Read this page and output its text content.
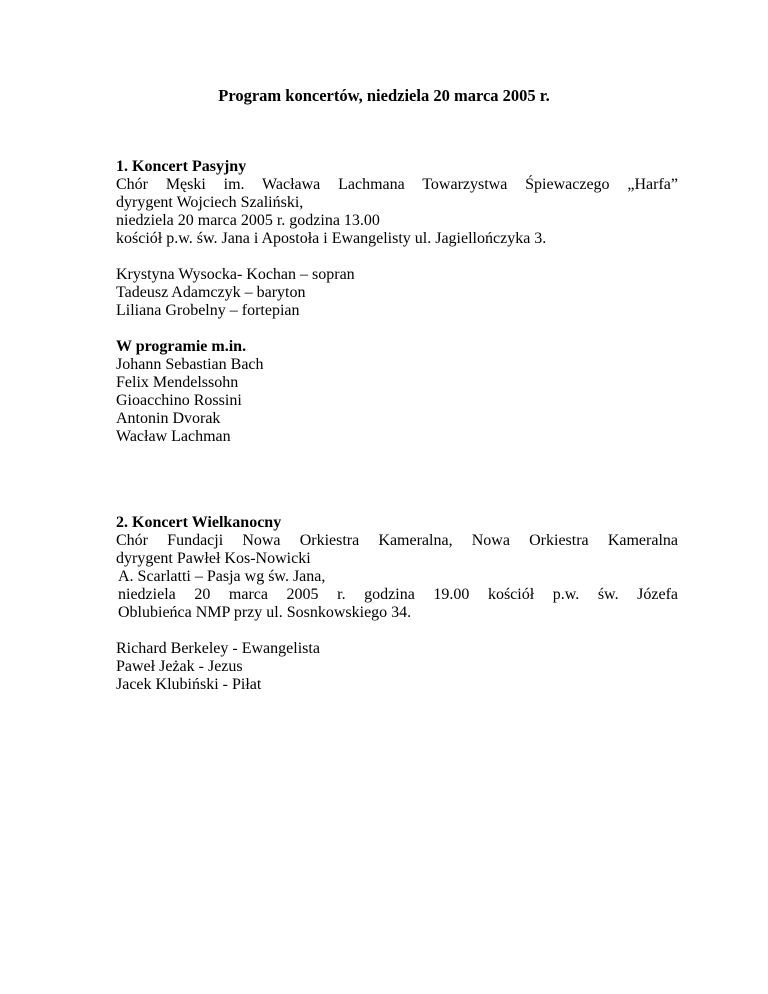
Program koncertów, niedziela 20 marca 2005 r.
1. Koncert Pasyjny
Chór Męski im. Wacława Lachmana Towarzystwa Śpiewaczego „Harfa”
dyrygent Wojciech Szaliński,
niedziela 20 marca 2005 r. godzina 13.00
kościół p.w. św. Jana i Apostoła i Ewangelisty ul. Jagiellończyka 3.
Krystyna Wysocka- Kochan – sopran
Tadeusz Adamczyk – baryton
Liliana Grobelny – fortepian
W programie m.in.
Johann Sebastian Bach
Felix Mendelssohn
Gioacchino Rossini
Antonin Dvorak
Wacław Lachman
2. Koncert Wielkanocny
Chór Fundacji Nowa Orkiestra Kameralna, Nowa Orkiestra Kameralna
dyrygent Pawłeł Kos-Nowicki
A. Scarlatti – Pasja wg św. Jana,
niedziela 20 marca 2005 r. godzina 19.00 kościół p.w. św. Józefa
Oblubieńca NMP przy ul. Sosnkowskiego 34.
Richard Berkeley - Ewangelista
Paweł Jeżak - Jezus
Jacek Klubiński - Piłat
